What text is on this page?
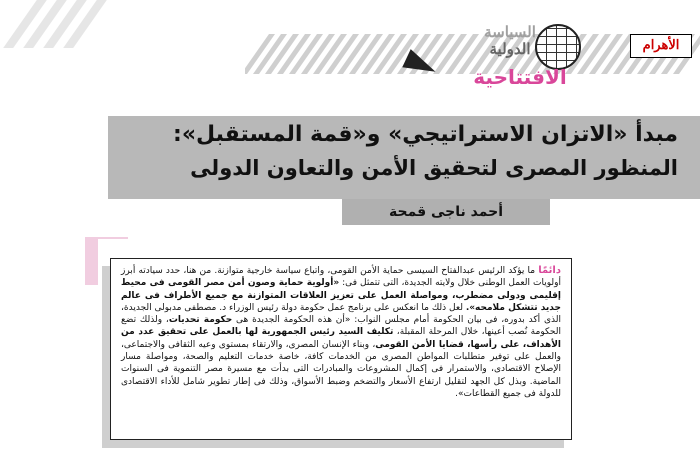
الأهرام
السياسة
الدولية
الافتتاحية
مبدأ «الاتزان الاستراتيجي» و«قمة المستقبل»:
المنظور المصرى لتحقيق الأمن والتعاون الدولى
أحمد ناجى قمحة
دائمًا ما يؤكد الرئيس عبدالفتاح السيسى حماية الأمن القومى، واتباع سياسة خارجية متوازنة. من هنا، حدد سيادته أبرز أولويات العمل الوطنى خلال ولايته الجديدة، التى تتمثل فى: «أولوية حماية وصون أمن مصر القومى فى محيط إقليمى ودولى مضطرب، ومواصلة العمل على تعزيز العلاقات المتوازنة مع جميع الأطراف فى عالم جديد تتشكل ملامحه». لعل ذلك ما انعكس على برنامج عمل حكومة دولة رئيس الوزراء د. مصطفى مدبولى الجديدة، الذى أكد بدوره، فى بيان الحكومة أمام مجلس النواب: «أن هذه الحكومة الجديدة هى حكومة تحديات، ولذلك تضع الحكومة نُصب أعينها، خلال المرحلة المقبلة، تكليف السيد رئيس الجمهورية لها بالعمل على تحقيق عدد من الأهداف، على رأسها، قضايا الأمن القومى، وبناء الإنسان المصرى، والارتقاء بمستوى وعيه الثقافى والاجتماعى، والعمل على توفير متطلبات المواطن المصرى من الخدمات كافة، خاصة خدمات التعليم والصحة، ومواصلة مسار الإصلاح الاقتصادى، والاستمرار فى إكمال المشروعات والمبادرات التى بدأت مع مسيرة مصر التنموية فى السنوات الماضية. وبذل كل الجهد لتقليل ارتفاع الأسعار والتضخم وضبط الأسواق، وذلك فى إطار تطوير شامل للأداء الاقتصادى للدولة فى جميع القطاعات».
